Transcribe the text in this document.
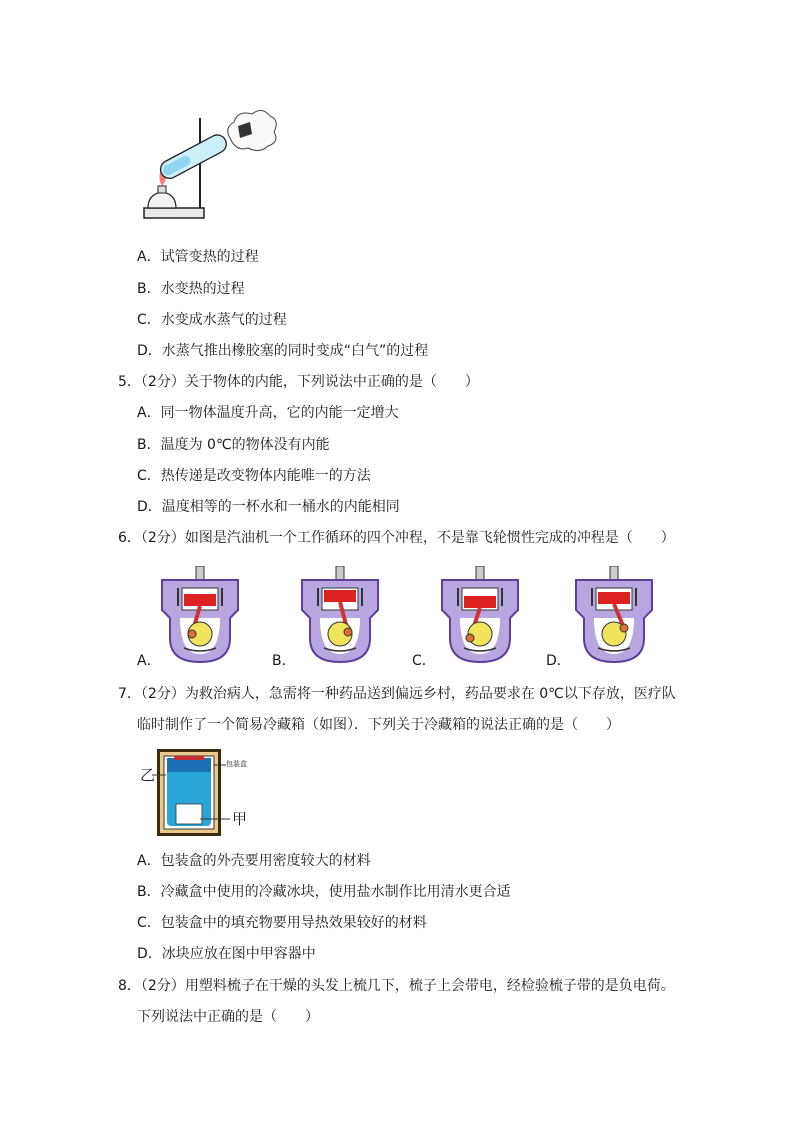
A．试管变热的过程
B．水变热的过程
C．水变成水蒸气的过程
D．水蒸气推出橡胶塞的同时变成“白气”的过程
5．（2分）关于物体的内能，下列说法中正确的是（　　）
A．同一物体温度升高，它的内能一定增大
B．温度为 0℃的物体没有内能
C．热传递是改变物体内能唯一的方法
D．温度相等的一杯水和一桶水的内能相同
6．（2分）如图是汽油机一个工作循环的四个冲程，不是靠飞轮惯性完成的冲程是（　　）
A．	B．	C．	D．
7．（2分）为救治病人，急需将一种药品送到偏远乡村，药品要求在 0℃以下存放，医疗队
临时制作了一个简易冷藏箱（如图）．下列关于冷藏箱的说法正确的是（　　）
乙
甲
包装盒
A．包装盒的外壳要用密度较大的材料
B．冷藏盒中使用的冷藏冰块，使用盐水制作比用清水更合适
C．包装盒中的填充物要用导热效果较好的材料
D．冰块应放在图中甲容器中
8．（2分）用塑料梳子在干燥的头发上梳几下，梳子上会带电，经检验梳子带的是负电荷。
下列说法中正确的是（　　）
